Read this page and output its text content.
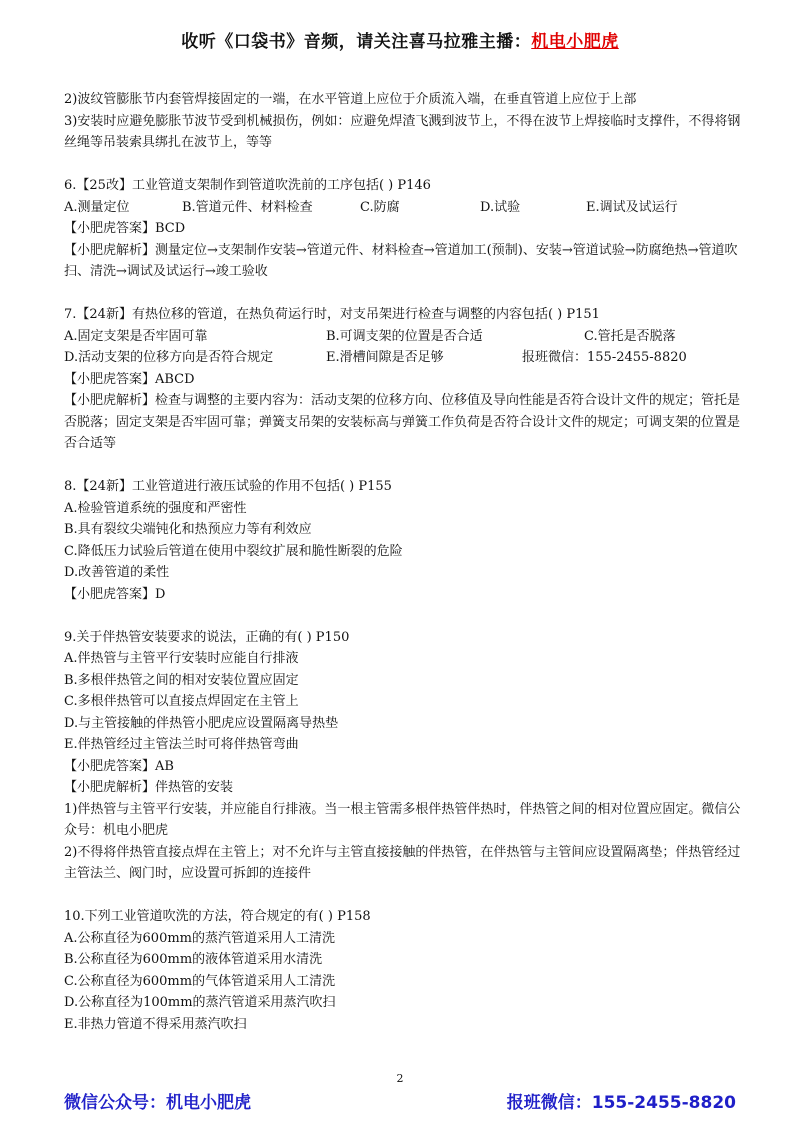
收听《口袋书》音频，请关注喜马拉雅主播：机电小肥虎

2)波纹管膨胀节内套管焊接固定的一端，在水平管道上应位于介质流入端，在垂直管道上应位于上部

3)安装时应避免膨胀节波节受到机械损伤，例如：应避免焊渣飞溅到波节上，不得在波节上焊接临时支撑件，不得将钢丝绳等吊装索具绑扎在波节上，等等

6.【25改】工业管道支架制作到管道吹洗前的工序包括( ) P146

A.测量定位	B.管道元件、材料检查	C.防腐	D.试验	E.调试及试运行

【小肥虎答案】BCD

【小肥虎解析】测量定位→支架制作安装→管道元件、材料检查→管道加工(预制)、安装→管道试验→防腐绝热→管道吹扫、清洗→调试及试运行→竣工验收

7.【24新】有热位移的管道，在热负荷运行时，对支吊架进行检查与调整的内容包括( ) P151

A.固定支架是否牢固可靠	B.可调支架的位置是否合适	C.管托是否脱落
D.活动支架的位移方向是否符合规定	E.滑槽间隙是否足够	报班微信：155-2455-8820

【小肥虎答案】ABCD

【小肥虎解析】检查与调整的主要内容为：活动支架的位移方向、位移值及导向性能是否符合设计文件的规定；管托是否脱落；固定支架是否牢固可靠；弹簧支吊架的安装标高与弹簧工作负荷是否符合设计文件的规定；可调支架的位置是否合适等

8.【24新】工业管道进行液压试验的作用不包括( ) P155

A.检验管道系统的强度和严密性

B.具有裂纹尖端钝化和热预应力等有利效应

C.降低压力试验后管道在使用中裂纹扩展和脆性断裂的危险

D.改善管道的柔性

【小肥虎答案】D

9.关于伴热管安装要求的说法，正确的有( ) P150

A.伴热管与主管平行安装时应能自行排液

B.多根伴热管之间的相对安装位置应固定

C.多根伴热管可以直接点焊固定在主管上

D.与主管接触的伴热管小肥虎应设置隔离导热垫

E.伴热管经过主管法兰时可将伴热管弯曲

【小肥虎答案】AB

【小肥虎解析】伴热管的安装

1)伴热管与主管平行安装，并应能自行排液。当一根主管需多根伴热管伴热时，伴热管之间的相对位置应固定。微信公众号：机电小肥虎

2)不得将伴热管直接点焊在主管上；对不允许与主管直接接触的伴热管，在伴热管与主管间应设置隔离垫；伴热管经过主管法兰、阀门时，应设置可拆卸的连接件

10.下列工业管道吹洗的方法，符合规定的有( ) P158

A.公称直径为600mm的蒸汽管道采用人工清洗

B.公称直径为600mm的液体管道采用水清洗

C.公称直径为600mm的气体管道采用人工清洗

D.公称直径为100mm的蒸汽管道采用蒸汽吹扫

E.非热力管道不得采用蒸汽吹扫

2
微信公众号：机电小肥虎	报班微信：155-2455-8820
